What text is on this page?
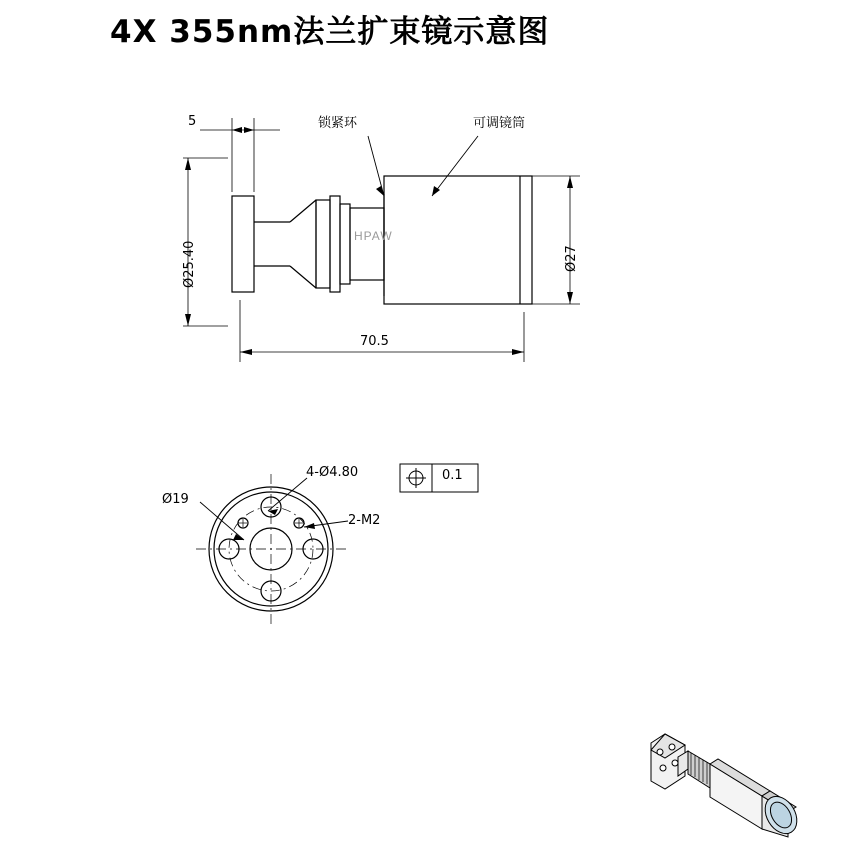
4X 355nm法兰扩束镜示意图
5
Ø25.40	Ø27
70.5
锁紧环	可调镜筒
HPAW
Ø19
4-Ø4.80
2-M2
0.1
